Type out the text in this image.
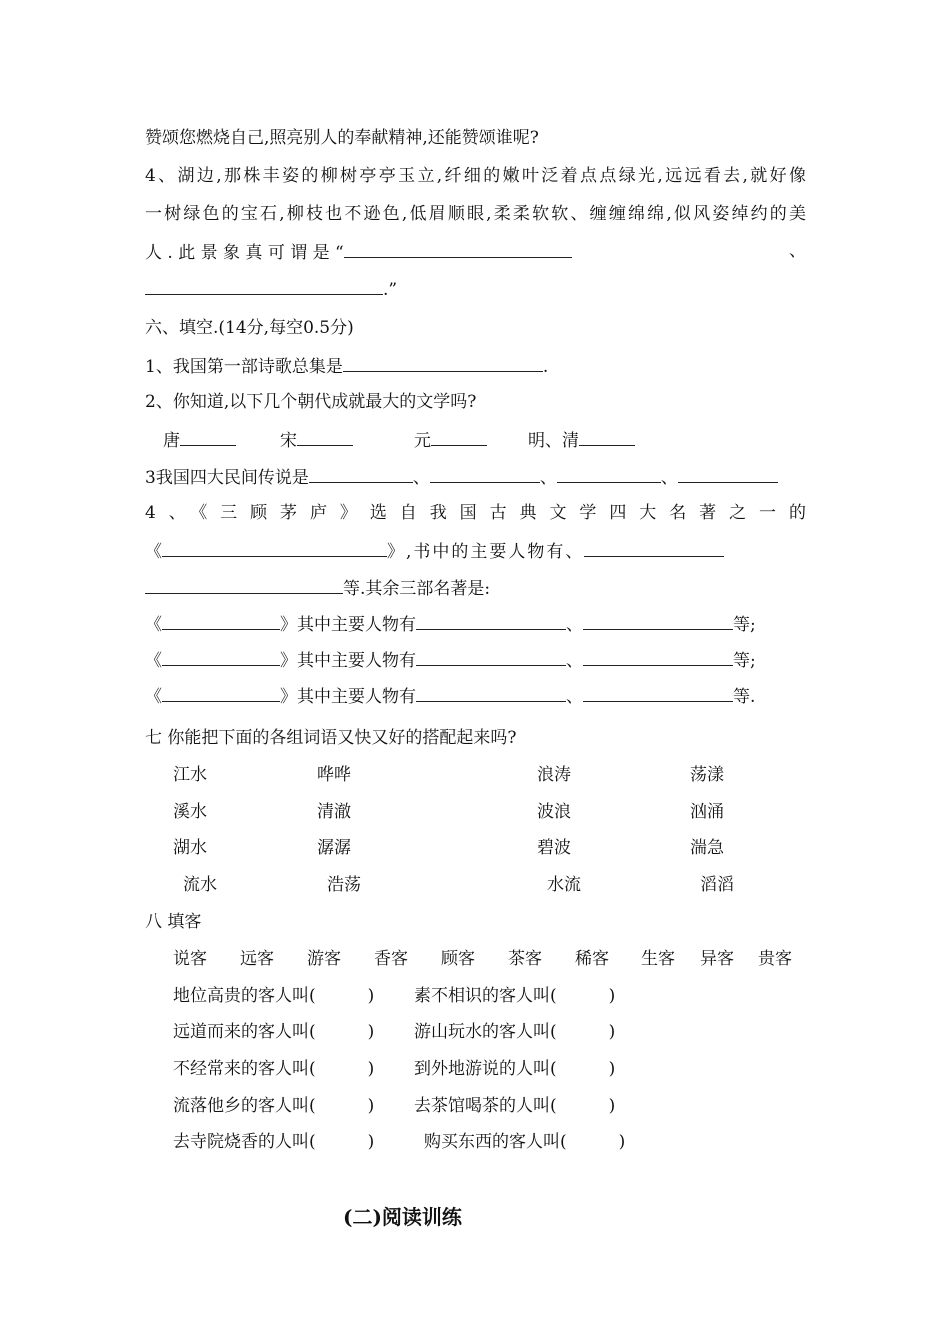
赞颂您燃烧自己,照亮别人的奉献精神,还能赞颂谁呢?
4、湖边,那株丰姿的柳树亭亭玉立,纤细的嫩叶泛着点点绿光,远远看去,就好像
一树绿色的宝石,柳枝也不逊色,低眉顺眼,柔柔软软、缠缠绵绵,似风姿绰约的美
人 . 此 景 象 真 可 谓 是 “	、
.”
六、填空.(14分,每空0.5分)
1、我国第一部诗歌总集是	.
2、你知道,以下几个朝代成就最大的文学吗?
唐	宋	元	明、清
3我国四大民间传说是	、	、	、
4、《三顾茅庐》选自我国古典文学四大名著之一的
《	》,书中的主要人物有、
等.其余三部名著是:
《	》其中主要人物有	、	等;
《	》其中主要人物有	、	等;
《	》其中主要人物有	、	等.
七 你能把下面的各组词语又快又好的搭配起来吗?
江水	哗哗	浪涛	荡漾
溪水	清澈	波浪	汹涌
湖水	潺潺	碧波	湍急
流水	浩荡	水流	滔滔
八 填客
说客 远客 游客 香客 顾客 茶客 稀客 生客 异客 贵客
地位高贵的客人叫(	) 素不相识的客人叫(	)
远道而来的客人叫(	) 游山玩水的客人叫(	)
不经常来的客人叫(	) 到外地游说的人叫(	)
流落他乡的客人叫(	) 去茶馆喝茶的人叫(	)
去寺院烧香的人叫(	)	购买东西的客人叫(	)
(二)阅读训练
